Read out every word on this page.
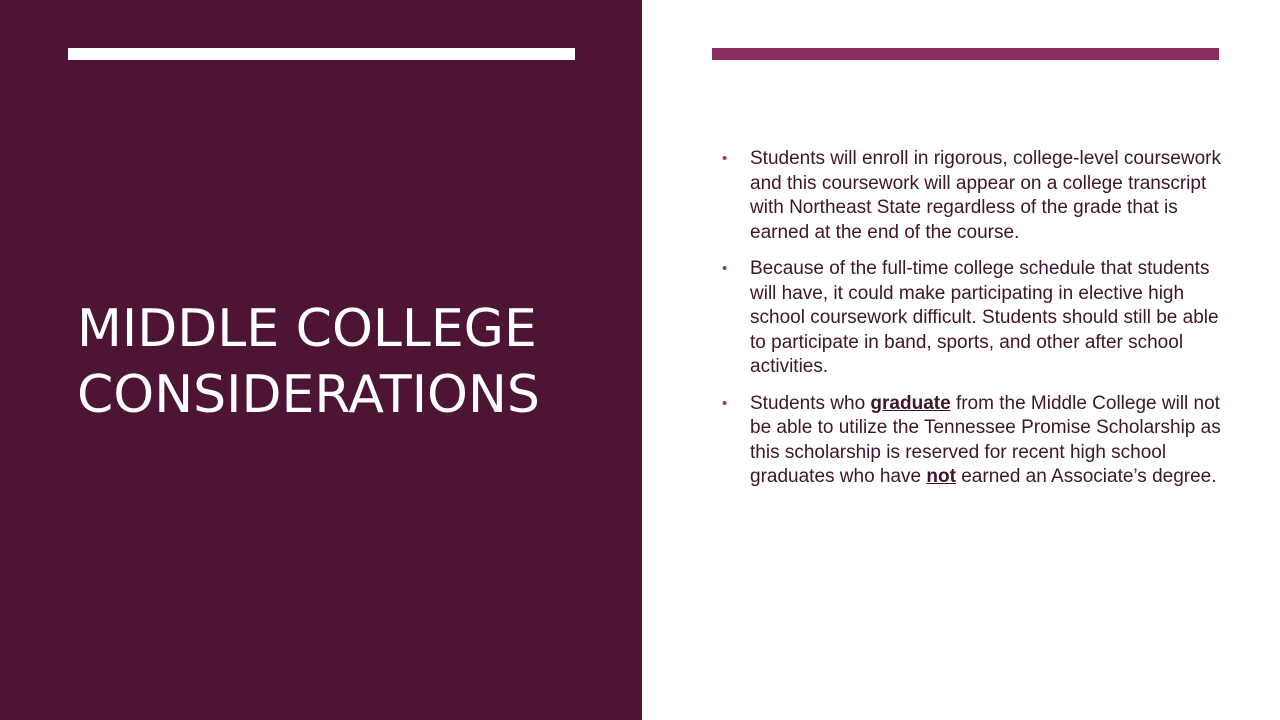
MIDDLE COLLEGE
CONSIDERATIONS
• Students will enroll in rigorous, college-level coursework and this coursework will appear on a college transcript with Northeast State regardless of the grade that is earned at the end of the course.
• Because of the full-time college schedule that students will have, it could make participating in elective high school coursework difficult. Students should still be able to participate in band, sports, and other after school activities.
• Students who graduate from the Middle College will not be able to utilize the Tennessee Promise Scholarship as this scholarship is reserved for recent high school graduates who have not earned an Associate’s degree.
